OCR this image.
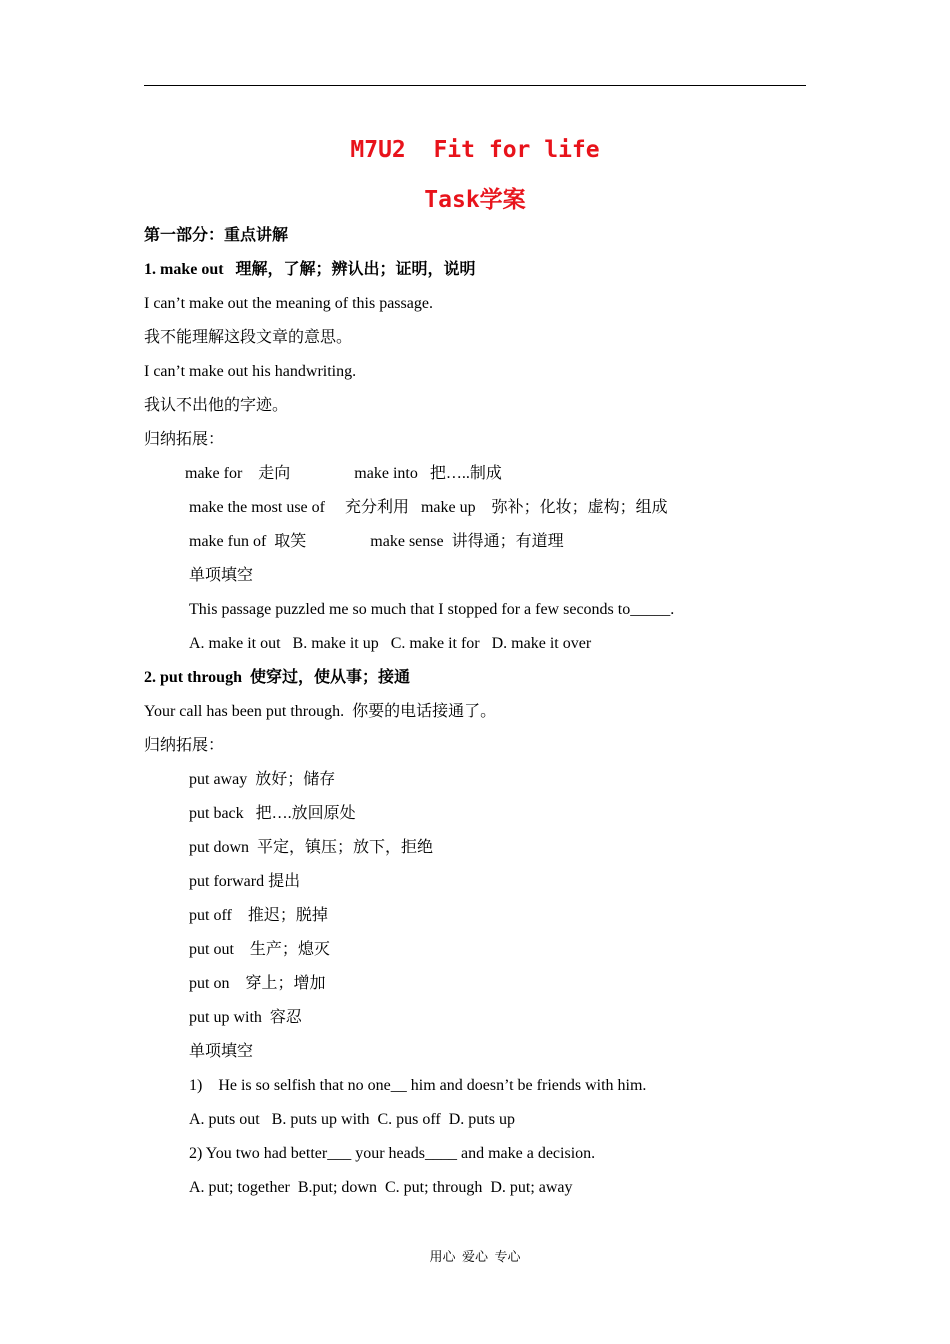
M7U2  Fit for life
Task学案
第一部分：重点讲解
1. make out   理解，了解；辨认出；证明，说明
I can’t make out the meaning of this passage.
我不能理解这段文章的意思。
I can’t make out his handwriting.
我认不出他的字迹。
归纳拓展：
make for    走向                make into   把…..制成
make the most use of     充分利用   make up    弥补；化妆；虚构；组成
make fun of  取笑                make sense  讲得通；有道理
单项填空
This passage puzzled me so much that I stopped for a few seconds to_____.
A. make it out   B. make it up   C. make it for   D. make it over
2. put through  使穿过，使从事；接通
Your call has been put through.  你要的电话接通了。
归纳拓展：
put away  放好；储存
put back   把….放回原处
put down  平定，镇压；放下，拒绝
put forward 提出
put off    推迟；脱掉
put out    生产；熄灭
put on    穿上；增加
put up with  容忍
单项填空
1)    He is so selfish that no one__ him and doesn’t be friends with him.
A. puts out   B. puts up with  C. pus off  D. puts up
2) You two had better___ your heads____ and make a decision.
A. put; together  B.put; down  C. put; through  D. put; away
用心  爱心  专心
